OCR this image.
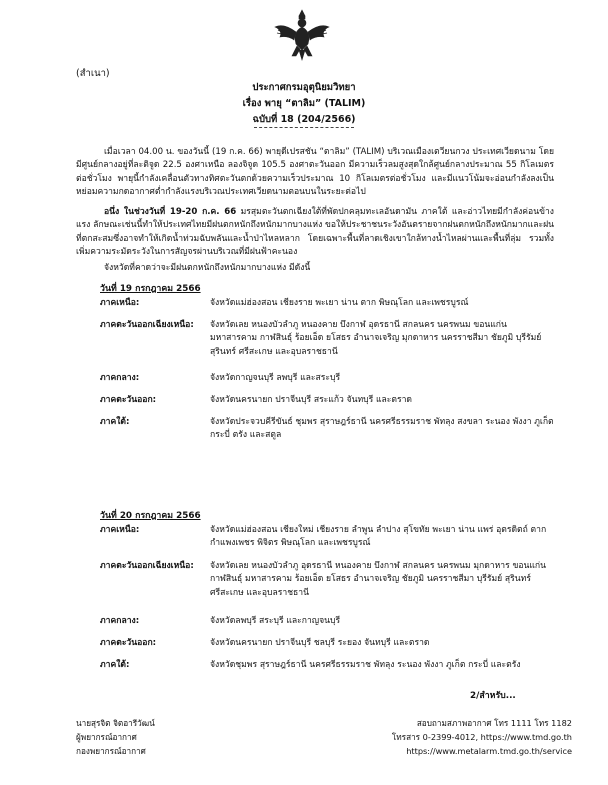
(สำเนา)
ประกาศกรมอุตุนิยมวิทยา
เรื่อง พายุ “ตาลิม” (TALIM)
ฉบับที่ 18 (204/2566)
เมื่อเวลา 04.00 น. ของวันนี้ (19 ก.ค. 66) พายุดีเปรสชัน “ตาลิม” (TALIM) บริเวณเมืองเตวียนกวง ประเทศเวียดนาม โดยมีศูนย์กลางอยู่ที่ละติจูด 22.5 องศาเหนือ ลองจิจูด 105.5 องศาตะวันออก มีความเร็วลมสูงสุดใกล้ศูนย์กลางประมาณ 55 กิโลเมตรต่อชั่วโมง พายุนี้กำลังเคลื่อนตัวทางทิศตะวันตกด้วยความเร็วประมาณ 10 กิโลเมตรต่อชั่วโมง และมีแนวโน้มจะอ่อนกำลังลงเป็นหย่อมความกดอากาศต่ำกำลังแรงบริเวณประเทศเวียดนามตอนบนในระยะต่อไป
อนึ่ง ในช่วงวันที่ 19-20 ก.ค. 66 มรสุมตะวันตกเฉียงใต้ที่พัดปกคลุมทะเลอันดามัน ภาคใต้ และอ่าวไทยมีกำลังค่อนข้างแรง ลักษณะเช่นนี้ทำให้ประเทศไทยมีฝนตกหนักถึงหนักมากบางแห่ง ขอให้ประชาชนระวังอันตรายจากฝนตกหนักถึงหนักมากและฝนที่ตกสะสมซึ่งอาจทำให้เกิดน้ำท่วมฉับพลันและน้ำป่าไหลหลาก โดยเฉพาะพื้นที่ลาดเชิงเขาใกล้ทางน้ำไหลผ่านและพื้นที่ลุ่ม รวมทั้งเพิ่มความระมัดระวังในการสัญจรผ่านบริเวณที่มีฝนฟ้าคะนอง
จังหวัดที่คาดว่าจะมีฝนตกหนักถึงหนักมากบางแห่ง มีดังนี้
วันที่ 19 กรกฎาคม 2566
ภาคเหนือ:	จังหวัดแม่ฮ่องสอน เชียงราย พะเยา น่าน ตาก พิษณุโลก และเพชรบูรณ์
ภาคตะวันออกเฉียงเหนือ:	จังหวัดเลย หนองบัวลำภู หนองคาย บึงกาฬ อุดรธานี สกลนคร นครพนม ขอนแก่น มหาสารคาม กาฬสินธุ์ ร้อยเอ็ด ยโสธร อำนาจเจริญ มุกดาหาร นครราชสีมา ชัยภูมิ บุรีรัมย์ สุรินทร์ ศรีสะเกษ และอุบลราชธานี
ภาคกลาง:	จังหวัดกาญจนบุรี ลพบุรี และสระบุรี
ภาคตะวันออก:	จังหวัดนครนายก ปราจีนบุรี สระแก้ว จันทบุรี และตราด
ภาคใต้:	จังหวัดประจวบคีรีขันธ์ ชุมพร สุราษฎร์ธานี นครศรีธรรมราช พัทลุง สงขลา ระนอง พังงา ภูเก็ต กระบี่ ตรัง และสตูล
วันที่ 20 กรกฎาคม 2566
ภาคเหนือ:	จังหวัดแม่ฮ่องสอน เชียงใหม่ เชียงราย ลำพูน ลำปาง สุโขทัย พะเยา น่าน แพร่ อุตรดิตถ์ ตาก กำแพงเพชร พิจิตร พิษณุโลก และเพชรบูรณ์
ภาคตะวันออกเฉียงเหนือ:	จังหวัดเลย หนองบัวลำภู อุดรธานี หนองคาย บึงกาฬ สกลนคร นครพนม มุกดาหาร ขอนแก่น กาฬสินธุ์ มหาสารคาม ร้อยเอ็ด ยโสธร อำนาจเจริญ ชัยภูมิ นครราชสีมา บุรีรัมย์ สุรินทร์ ศรีสะเกษ และอุบลราชธานี
ภาคกลาง:	จังหวัดลพบุรี สระบุรี และกาญจนบุรี
ภาคตะวันออก:	จังหวัดนครนายก ปราจีนบุรี ชลบุรี ระยอง จันทบุรี และตราด
ภาคใต้:	จังหวัดชุมพร สุราษฎร์ธานี นครศรีธรรมราช พัทลุง ระนอง พังงา ภูเก็ต กระบี่ และตรัง
2/สำหรับ...
นายสุรจิต จิตอารีวัฒน์
ผู้พยากรณ์อากาศ
กองพยากรณ์อากาศ
สอบถามสภาพอากาศ โทร 1111 โทร 1182
โทรสาร 0-2399-4012, https://www.tmd.go.th
https://www.metalarm.tmd.go.th/service
